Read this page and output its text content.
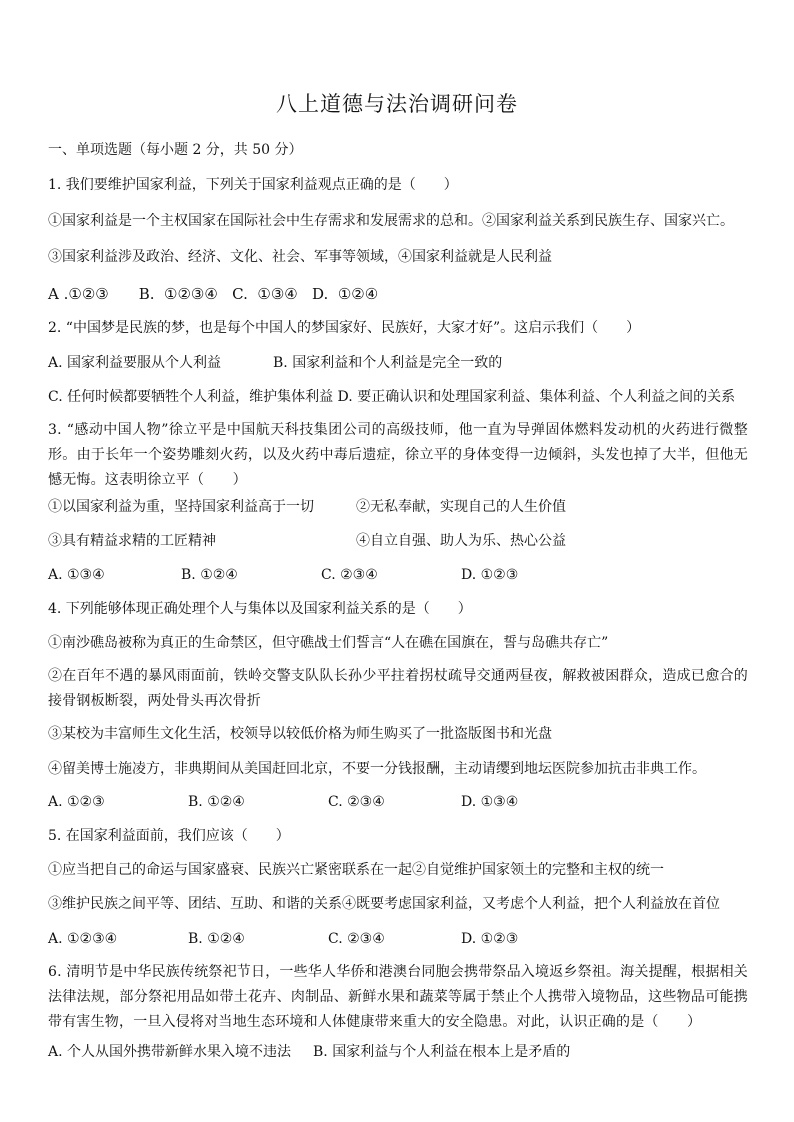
八上道德与法治调研问卷
一、单项选题（每小题 2 分，共 50 分）
1. 我们要维护国家利益，下列关于国家利益观点正确的是（　　）
①国家利益是一个主权国家在国际社会中生存需求和发展需求的总和。②国家利益关系到民族生存、国家兴亡。
③国家利益涉及政治、经济、文化、社会、军事等领域，④国家利益就是人民利益
A .①②③　　B.  ①②③④   C.  ①③④   D.  ①②④
2. “中国梦是民族的梦，也是每个中国人的梦国家好、民族好，大家才好”。这启示我们（　　）
A. 国家利益要服从个人利益	B. 国家利益和个人利益是完全一致的
C. 任何时候都要牺牲个人利益，维护集体利益 D. 要正确认识和处理国家利益、集体利益、个人利益之间的关系
3. “感动中国人物”徐立平是中国航天科技集团公司的高级技师，他一直为导弹固体燃料发动机的火药进行微整形。由于长年一个姿势雕刻火药，以及火药中毒后遗症，徐立平的身体变得一边倾斜，头发也掉了大半，但他无憾无悔。这表明徐立平（　　）
①以国家利益为重，坚持国家利益高于一切	②无私奉献，实现自己的人生价值
③具有精益求精的工匠精神	④自立自强、助人为乐、热心公益
A. ①③④	B. ①②④	C. ②③④	D. ①②③
4. 下列能够体现正确处理个人与集体以及国家利益关系的是（　　）
①南沙礁岛被称为真正的生命禁区，但守礁战士们誓言“人在礁在国旗在，誓与岛礁共存亡”
②在百年不遇的暴风雨面前，铁岭交警支队队长孙少平拄着拐杖疏导交通两昼夜，解救被困群众，造成已愈合的接骨钢板断裂，两处骨头再次骨折
③某校为丰富师生文化生活，校领导以较低价格为师生购买了一批盗版图书和光盘
④留美博士施凌方，非典期间从美国赶回北京，不要一分钱报酬，主动请缨到地坛医院参加抗击非典工作。
A. ①②③	B. ①②④	C. ②③④	D. ①③④
5. 在国家利益面前，我们应该（　　）
①应当把自己的命运与国家盛衰、民族兴亡紧密联系在一起②自觉维护国家领土的完整和主权的统一
③维护民族之间平等、团结、互助、和谐的关系④既要考虑国家利益，又考虑个人利益，把个人利益放在首位
A. ①②③④	B. ①②④	C. ②③④	D. ①②③
6. 清明节是中华民族传统祭祀节日，一些华人华侨和港澳台同胞会携带祭品入境返乡祭祖。海关提醒，根据相关法律法规，部分祭祀用品如带土花卉、肉制品、新鲜水果和蔬菜等属于禁止个人携带入境物品，这些物品可能携带有害生物，一旦入侵将对当地生态环境和人体健康带来重大的安全隐患。对此，认识正确的是（　　）
A. 个人从国外携带新鲜水果入境不违法 B. 国家利益与个人利益在根本上是矛盾的
